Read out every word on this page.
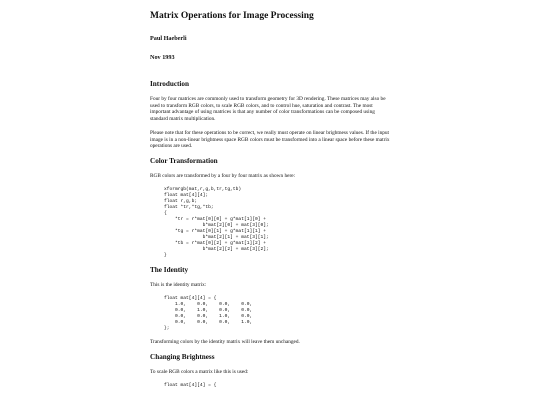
Matrix Operations for Image Processing
Paul Haeberli
Nov 1993
Introduction

Four by four matrices are commonly used to transform geometry for 3D rendering. These matrices may also be used to transform RGB colors, to scale RGB colors, and to control hue, saturation and contrast. The most important advantage of using matrices is that any number of color transformations can be composed using standard matrix multiplication.

Please note that for these operations to be correct, we really must operate on linear brightness values. If the input image is in a non-linear brightness space RGB colors must be transformed into a linear space before these matrix operations are used.

Color Transformation

RGB colors are transformed by a four by four matrix as shown here:

xformrgb(mat,r,g,b,tr,tg,tb)
float mat[4][4];
float r,g,b;
float *tr,*tg,*tb;
{
*tr = r*mat[0][0] + g*mat[1][0] +
b*mat[2][0] + mat[3][0];
*tg = r*mat[0][1] + g*mat[1][1] +
b*mat[2][1] + mat[3][1];
*tb = r*mat[0][2] + g*mat[1][2] +
b*mat[2][2] + mat[3][2];
}
The Identity

This is the identity matrix:

float mat[4][4] = {
1.0,    0.0,    0.0,    0.0,
0.0,    1.0,    0.0,    0.0,
0.0,    0.0,    1.0,    0.0,
0.0,    0.0,    0.0,    1.0,
};

Transforming colors by the identity matrix will leave them unchanged.

Changing Brightness

To scale RGB colors a matrix like this is used:

float mat[4][4] = {
